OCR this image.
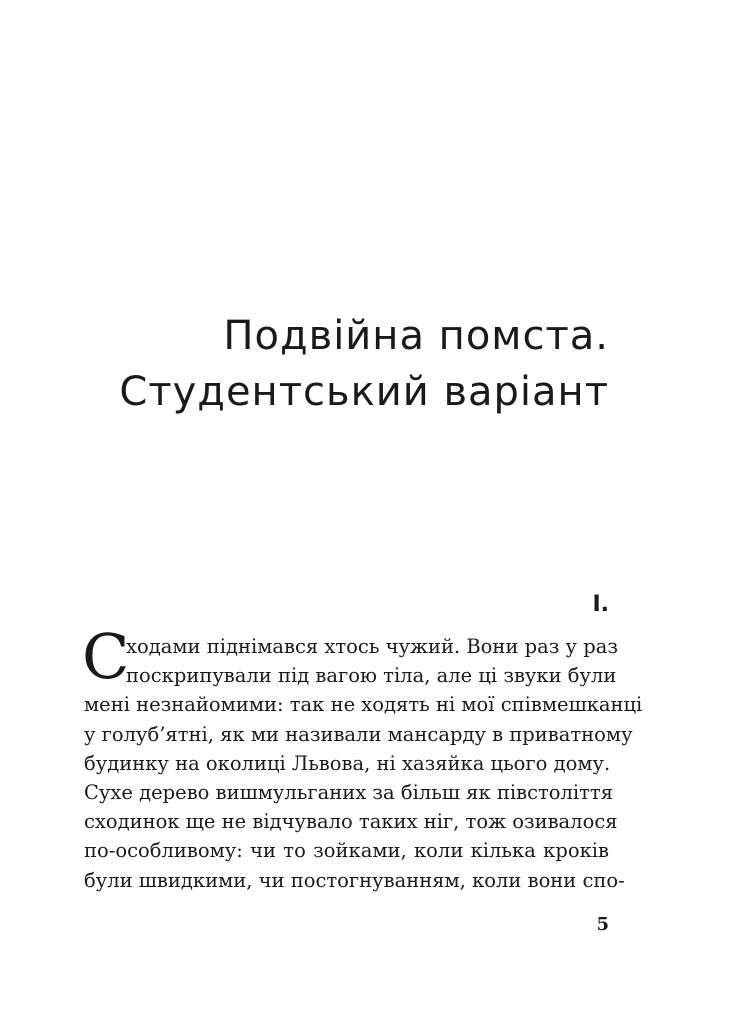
Подвійна помста.
Студентський варіант
I.
С
ходами піднімався хтось чужий. Вони раз у раз
поскрипували під вагою тіла, але ці звуки були
мені незнайомими: так не ходять ні мої співмешканці
у голуб’ятні, як ми називали мансарду в приватному
будинку на околиці Львова, ні хазяйка цього дому.
Сухе дерево вишмульганих за більш як півстоліття
сходинок ще не відчувало таких ніг, тож озивалося
по-особливому: чи то зойками, коли кілька кроків
були швидкими, чи постогнуванням, коли вони спо-
5
